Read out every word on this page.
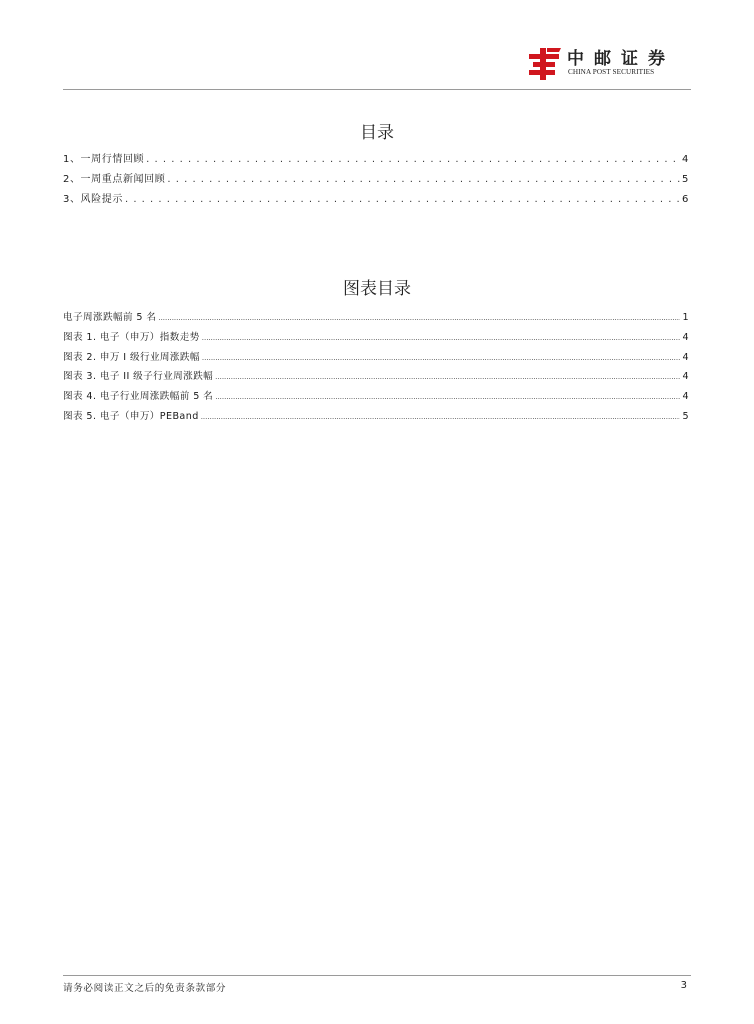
中邮证券
CHINA POST SECURITIES
目录
1、一周行情回顾 . . .	4
2、一周重点新闻回顾 . . .	5
3、风险提示 . . .	6
图表目录
电子周涨跌幅前 5 名 .....	1
图表 1. 电子（申万）指数走势 .....	4
图表 2. 申万 I 级行业周涨跌幅 .....	4
图表 3. 电子 II 级子行业周涨跌幅 .....	4
图表 4. 电子行业周涨跌幅前 5 名 .....	4
图表 5. 电子（申万）PEBand .....	5
请务必阅读正文之后的免责条款部分	3
